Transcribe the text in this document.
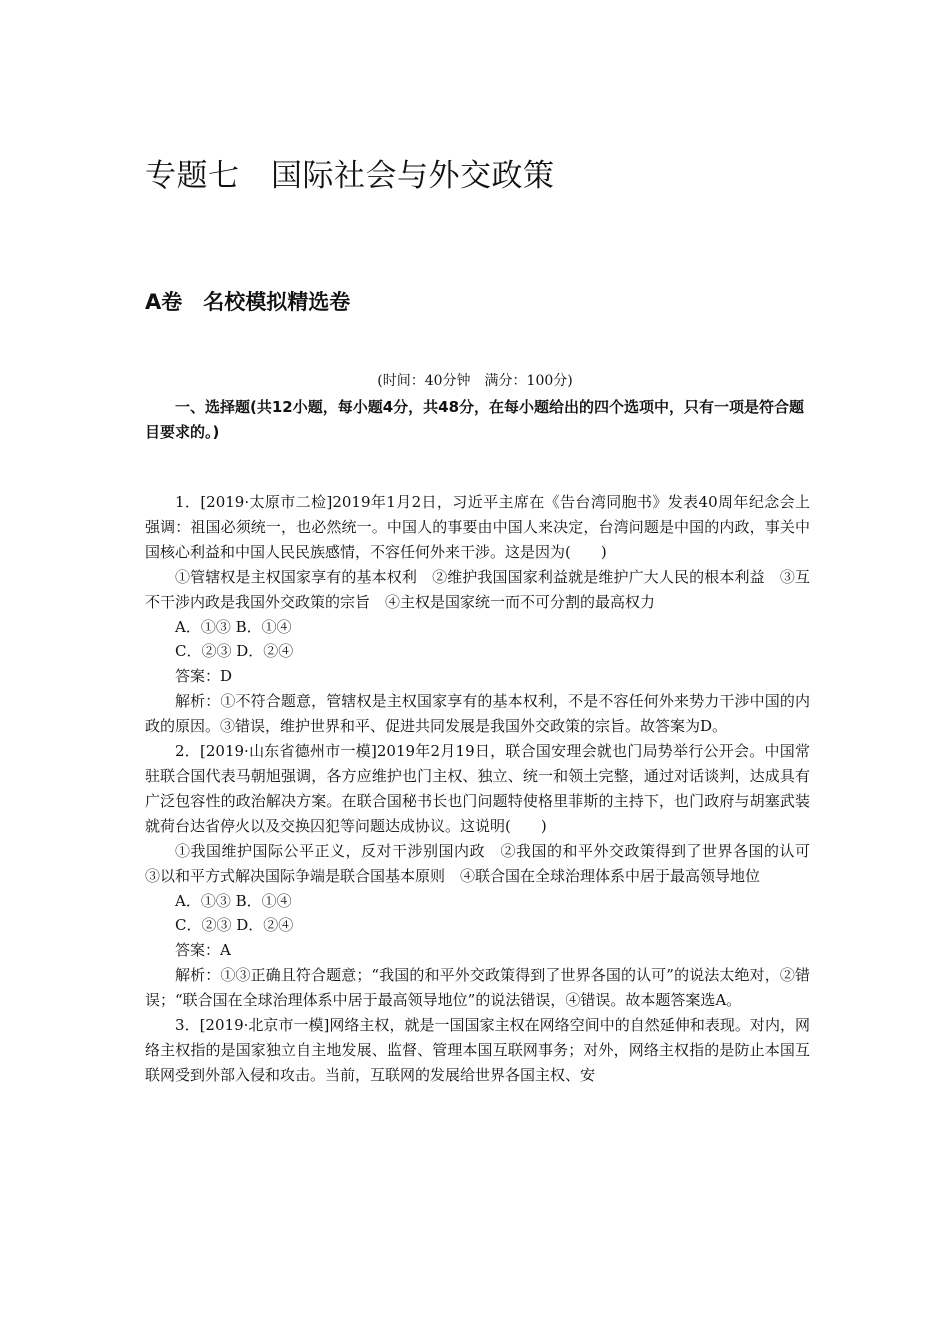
专题七　国际社会与外交政策
A卷　名校模拟精选卷
(时间：40分钟　满分：100分)
一、选择题(共12小题，每小题4分，共48分，在每小题给出的四个选项中，只有一项是符合题目要求的。)

1．[2019·太原市二检]2019年1月2日，习近平主席在《告台湾同胞书》发表40周年纪念会上强调：祖国必须统一，也必然统一。中国人的事要由中国人来决定，台湾问题是中国的内政，事关中国核心利益和中国人民民族感情，不容任何外来干涉。这是因为(　　)

①管辖权是主权国家享有的基本权利　②维护我国国家利益就是维护广大人民的根本利益　③互不干涉内政是我国外交政策的宗旨　④主权是国家统一而不可分割的最高权力

A．①③ B．①④

C．②③ D．②④

答案：D

解析：①不符合题意，管辖权是主权国家享有的基本权利，不是不容任何外来势力干涉中国的内政的原因。③错误，维护世界和平、促进共同发展是我国外交政策的宗旨。故答案为D。

2．[2019·山东省德州市一模]2019年2月19日，联合国安理会就也门局势举行公开会。中国常驻联合国代表马朝旭强调，各方应维护也门主权、独立、统一和领土完整，通过对话谈判，达成具有广泛包容性的政治解决方案。在联合国秘书长也门问题特使格里菲斯的主持下，也门政府与胡塞武装就荷台达省停火以及交换囚犯等问题达成协议。这说明(　　)

①我国维护国际公平正义，反对干涉别国内政　②我国的和平外交政策得到了世界各国的认可　③以和平方式解决国际争端是联合国基本原则　④联合国在全球治理体系中居于最高领导地位

A．①③ B．①④

C．②③ D．②④

答案：A

解析：①③正确且符合题意；“我国的和平外交政策得到了世界各国的认可”的说法太绝对，②错误；“联合国在全球治理体系中居于最高领导地位”的说法错误，④错误。故本题答案选A。

3．[2019·北京市一模]网络主权，就是一国国家主权在网络空间中的自然延伸和表现。对内，网络主权指的是国家独立自主地发展、监督、管理本国互联网事务；对外，网络主权指的是防止本国互联网受到外部入侵和攻击。当前，互联网的发展给世界各国主权、安
